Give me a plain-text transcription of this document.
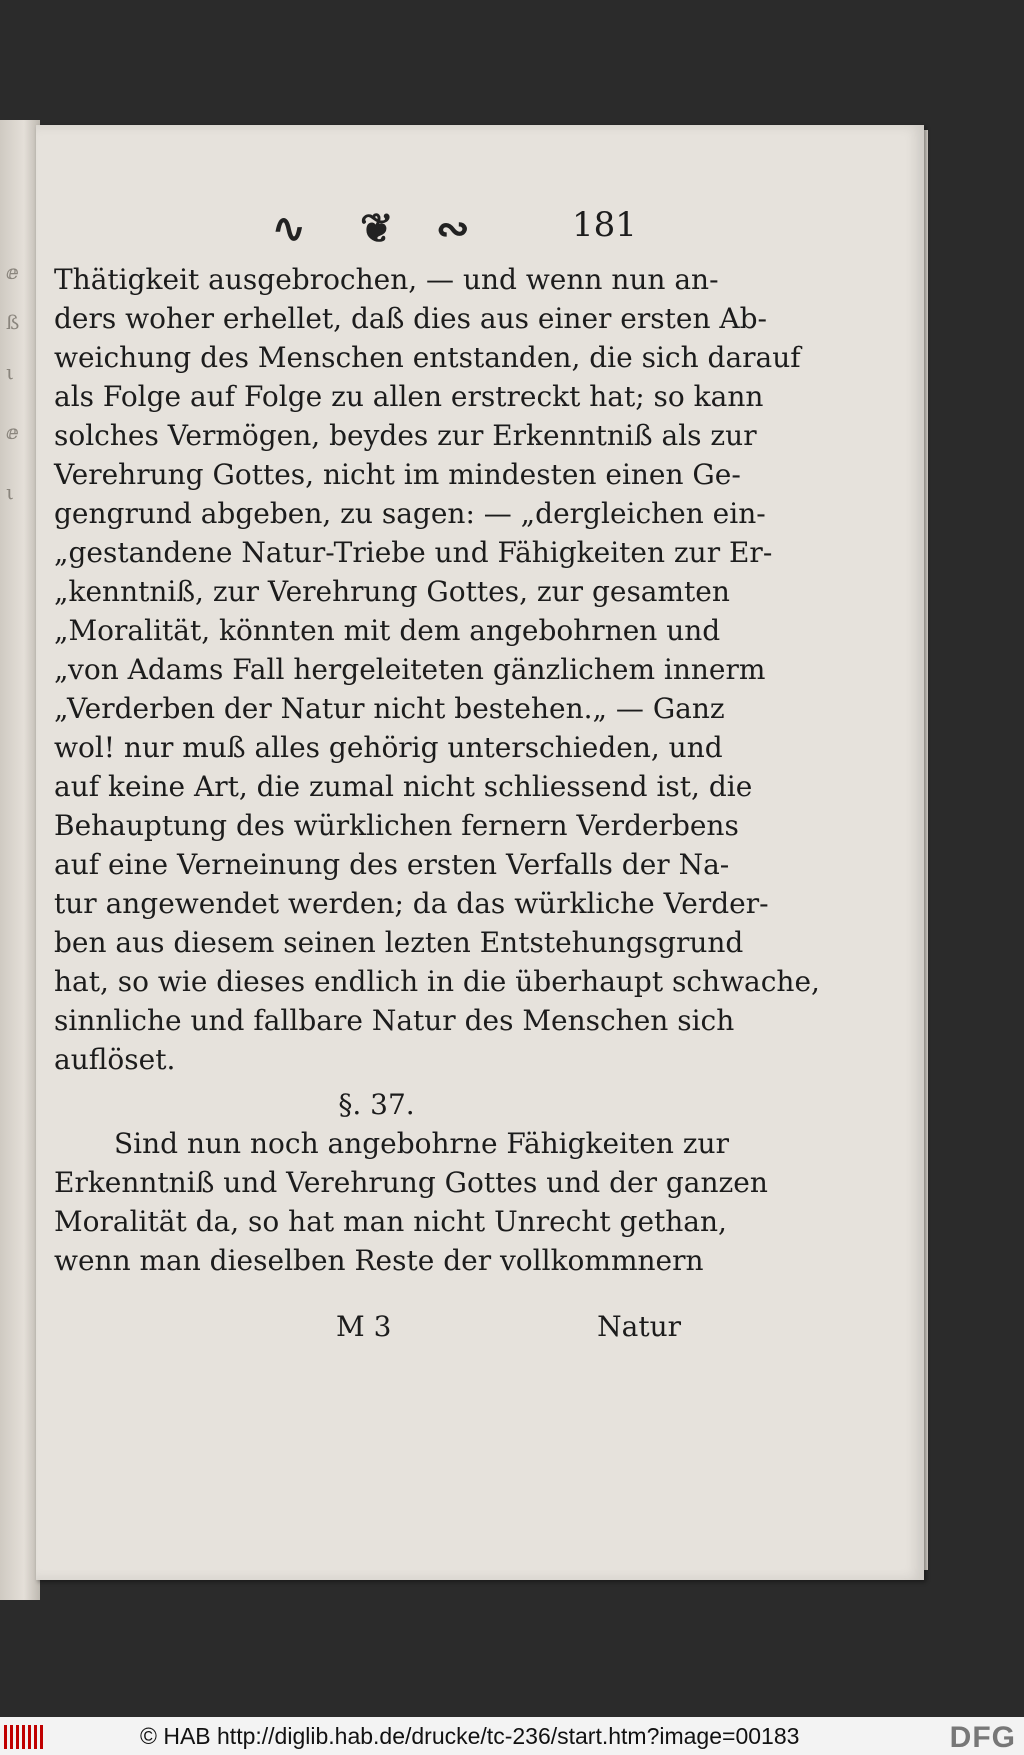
ⅇ
ß
ι
ⅇ
ι
∿ ❦ ∾	181
Thätigkeit ausgebrochen, — und wenn nun an-
ders woher erhellet, daß dies aus einer ersten Ab-
weichung des Menschen entstanden, die sich darauf
als Folge auf Folge zu allen erstreckt hat; so kann
solches Vermögen, beydes zur Erkenntniß als zur
Verehrung Gottes, nicht im mindesten einen Ge-
gengrund abgeben, zu sagen: — „dergleichen ein-
„gestandene Natur-Triebe und Fähigkeiten zur Er-
„kenntniß, zur Verehrung Gottes, zur gesamten
„Moralität, könnten mit dem angebohrnen und
„von Adams Fall hergeleiteten gänzlichem innerm
„Verderben der Natur nicht bestehen.„ — Ganz
wol! nur muß alles gehörig unterschieden, und
auf keine Art, die zumal nicht schliessend ist, die
Behauptung des würklichen fernern Verderbens
auf eine Verneinung des ersten Verfalls der Na-
tur angewendet werden; da das würkliche Verder-
ben aus diesem seinen lezten Entstehungsgrund
hat, so wie dieses endlich in die überhaupt schwache,
sinnliche und fallbare Natur des Menschen sich
auflöset.
§. 37.
Sind nun noch angebohrne Fähigkeiten zur
Erkenntniß und Verehrung Gottes und der ganzen
Moralität da, so hat man nicht Unrecht gethan,
wenn man dieselben Reste der vollkommnern
M 3	Natur
© HAB http://diglib.hab.de/drucke/tc-236/start.htm?image=00183	DFG
